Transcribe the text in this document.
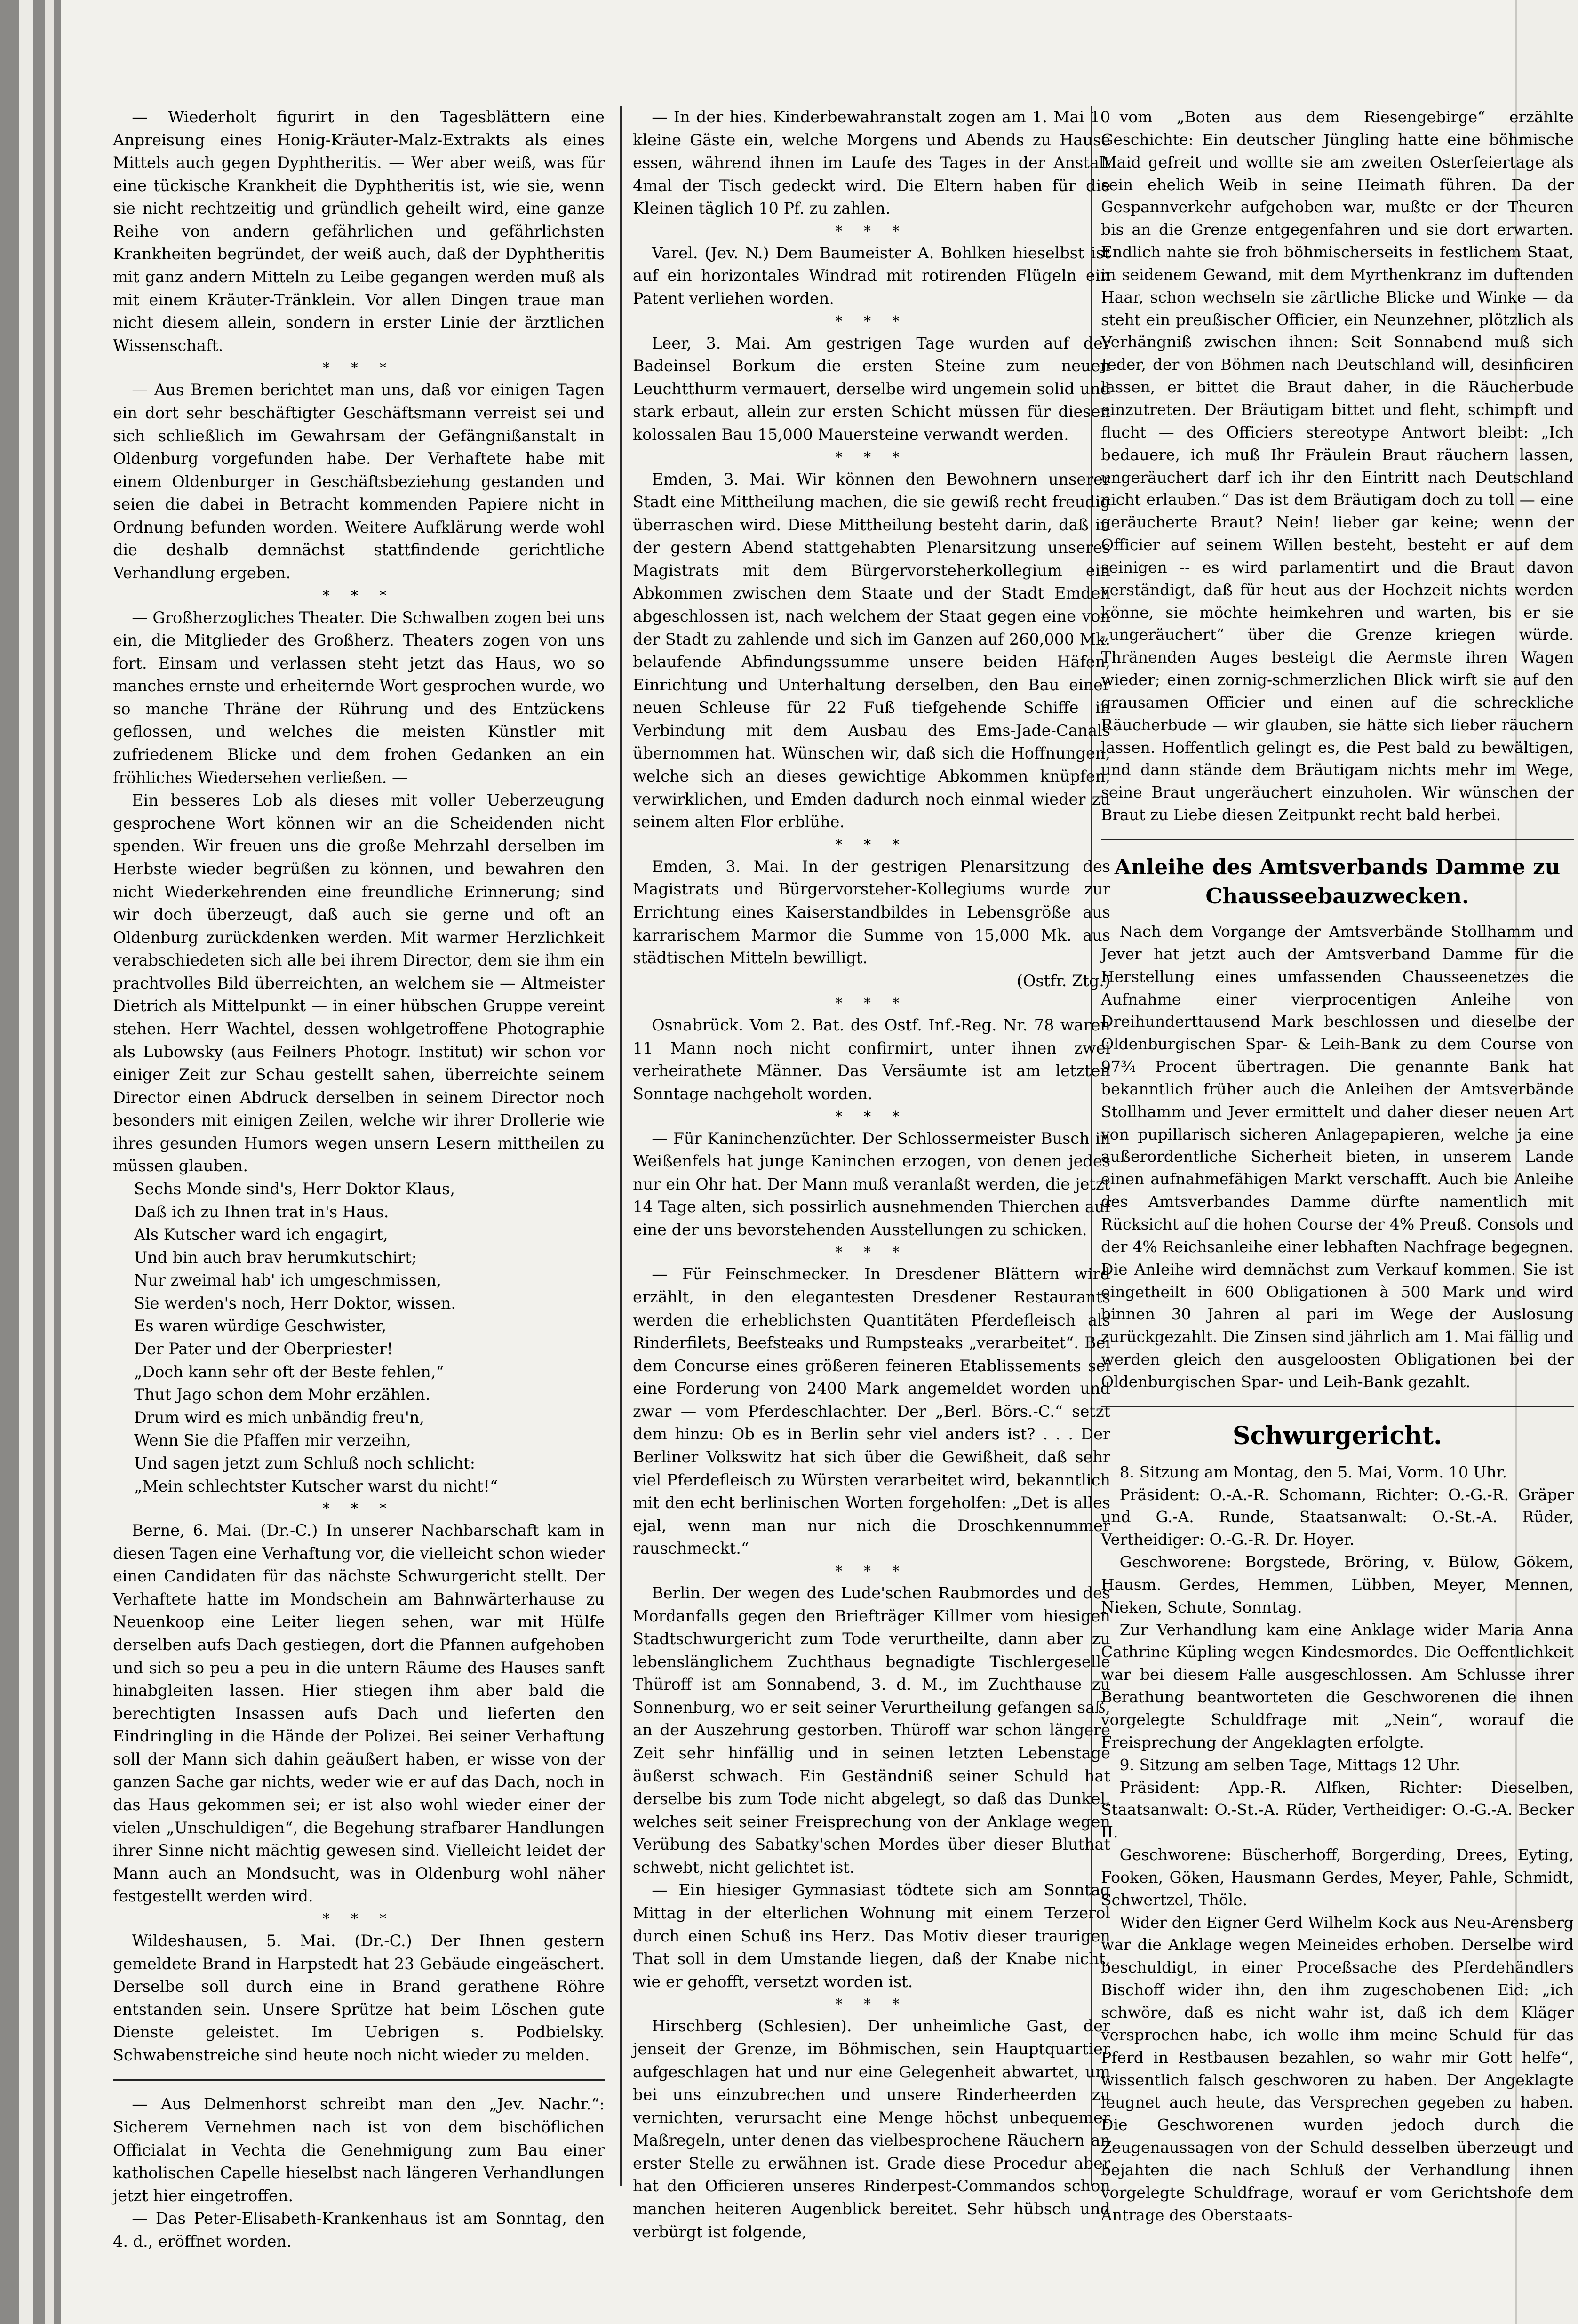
— Wiederholt figurirt in den Tagesblättern eine Anpreisung eines Honig-Kräuter-Malz-Extrakts als eines Mittels auch gegen Dyphtheritis. — Wer aber weiß, was für eine tückische Krankheit die Dyphtheritis ist, wie sie, wenn sie nicht rechtzeitig und gründlich geheilt wird, eine ganze Reihe von andern gefährlichen und gefährlichsten Krankheiten begründet, der weiß auch, daß der Dyphtheritis mit ganz andern Mitteln zu Leibe gegangen werden muß als mit einem Kräuter-Tränklein. Vor allen Dingen traue man nicht diesem allein, sondern in erster Linie der ärztlichen Wissenschaft.

* * *

— Aus Bremen berichtet man uns, daß vor einigen Tagen ein dort sehr beschäftigter Geschäftsmann verreist sei und sich schließlich im Gewahrsam der Gefängnißanstalt in Oldenburg vorgefunden habe. Der Verhaftete habe mit einem Oldenburger in Geschäftsbeziehung gestanden und seien die dabei in Betracht kommenden Papiere nicht in Ordnung befunden worden. Weitere Aufklärung werde wohl die deshalb demnächst stattfindende gerichtliche Verhandlung ergeben.

* * *

— Großherzogliches Theater. Die Schwalben zogen bei uns ein, die Mitglieder des Großherz. Theaters zogen von uns fort. Einsam und verlassen steht jetzt das Haus, wo so manches ernste und erheiternde Wort gesprochen wurde, wo so manche Thräne der Rührung und des Entzückens geflossen, und welches die meisten Künstler mit zufriedenem Blicke und dem frohen Gedanken an ein fröhliches Wiedersehen verließen. —

Ein besseres Lob als dieses mit voller Ueberzeugung gesprochene Wort können wir an die Scheidenden nicht spenden. Wir freuen uns die große Mehrzahl derselben im Herbste wieder begrüßen zu können, und bewahren den nicht Wiederkehrenden eine freundliche Erinnerung; sind wir doch überzeugt, daß auch sie gerne und oft an Oldenburg zurückdenken werden. Mit warmer Herzlichkeit verabschiedeten sich alle bei ihrem Director, dem sie ihm ein prachtvolles Bild überreichten, an welchem sie — Altmeister Dietrich als Mittelpunkt — in einer hübschen Gruppe vereint stehen. Herr Wachtel, dessen wohlgetroffene Photographie als Lubowsky (aus Feilners Photogr. Institut) wir schon vor einiger Zeit zur Schau gestellt sahen, überreichte seinem Director einen Abdruck derselben in seinem Director noch besonders mit einigen Zeilen, welche wir ihrer Drollerie wie ihres gesunden Humors wegen unsern Lesern mittheilen zu müssen glauben.

Sechs Monde sind's, Herr Doktor Klaus,
Daß ich zu Ihnen trat in's Haus.
Als Kutscher ward ich engagirt,
Und bin auch brav herumkutschirt;
Nur zweimal hab' ich umgeschmissen,
Sie werden's noch, Herr Doktor, wissen.
Es waren würdige Geschwister,
Der Pater und der Oberpriester!
„Doch kann sehr oft der Beste fehlen,“
Thut Jago schon dem Mohr erzählen.
Drum wird es mich unbändig freu'n,
Wenn Sie die Pfaffen mir verzeihn,
Und sagen jetzt zum Schluß noch schlicht:
„Mein schlechtster Kutscher warst du nicht!“
* * *

Berne, 6. Mai. (Dr.-C.) In unserer Nachbarschaft kam in diesen Tagen eine Verhaftung vor, die vielleicht schon wieder einen Candidaten für das nächste Schwurgericht stellt. Der Verhaftete hatte im Mondschein am Bahnwärterhause zu Neuenkoop eine Leiter liegen sehen, war mit Hülfe derselben aufs Dach gestiegen, dort die Pfannen aufgehoben und sich so peu a peu in die untern Räume des Hauses sanft hinabgleiten lassen. Hier stiegen ihm aber bald die berechtigten Insassen aufs Dach und lieferten den Eindringling in die Hände der Polizei. Bei seiner Verhaftung soll der Mann sich dahin geäußert haben, er wisse von der ganzen Sache gar nichts, weder wie er auf das Dach, noch in das Haus gekommen sei; er ist also wohl wieder einer der vielen „Unschuldigen“, die Begehung strafbarer Handlungen ihrer Sinne nicht mächtig gewesen sind. Vielleicht leidet der Mann auch an Mondsucht, was in Oldenburg wohl näher festgestellt werden wird.

* * *

Wildeshausen, 5. Mai. (Dr.-C.) Der Ihnen gestern gemeldete Brand in Harpstedt hat 23 Gebäude eingeäschert. Derselbe soll durch eine in Brand gerathene Röhre entstanden sein. Unsere Sprütze hat beim Löschen gute Dienste geleistet. Im Uebrigen s. Podbielsky. Schwabenstreiche sind heute noch nicht wieder zu melden.

— Aus Delmenhorst schreibt man den „Jev. Nachr.“: Sicherem Vernehmen nach ist von dem bischöflichen Officialat in Vechta die Genehmigung zum Bau einer katholischen Capelle hieselbst nach längeren Verhandlungen jetzt hier eingetroffen.

— Das Peter-Elisabeth-Krankenhaus ist am Sonntag, den 4. d., eröffnet worden.

— In der hies. Kinderbewahranstalt zogen am 1. Mai 10 kleine Gäste ein, welche Morgens und Abends zu Hause essen, während ihnen im Laufe des Tages in der Anstalt 4mal der Tisch gedeckt wird. Die Eltern haben für die Kleinen täglich 10 Pf. zu zahlen.

* * *

Varel. (Jev. N.) Dem Baumeister A. Bohlken hieselbst ist auf ein horizontales Windrad mit rotirenden Flügeln ein Patent verliehen worden.

* * *

Leer, 3. Mai. Am gestrigen Tage wurden auf der Badeinsel Borkum die ersten Steine zum neuen Leuchtthurm vermauert, derselbe wird ungemein solid und stark erbaut, allein zur ersten Schicht müssen für diesen kolossalen Bau 15,000 Mauersteine verwandt werden.

* * *

Emden, 3. Mai. Wir können den Bewohnern unserer Stadt eine Mittheilung machen, die sie gewiß recht freudig überraschen wird. Diese Mittheilung besteht darin, daß in der gestern Abend stattgehabten Plenarsitzung unseres Magistrats mit dem Bürgervorsteherkollegium ein Abkommen zwischen dem Staate und der Stadt Emden abgeschlossen ist, nach welchem der Staat gegen eine von der Stadt zu zahlende und sich im Ganzen auf 260,000 Mk. belaufende Abfindungssumme unsere beiden Häfen, Einrichtung und Unterhaltung derselben, den Bau einer neuen Schleuse für 22 Fuß tiefgehende Schiffe in Verbindung mit dem Ausbau des Ems-Jade-Canals übernommen hat. Wünschen wir, daß sich die Hoffnungen, welche sich an dieses gewichtige Abkommen knüpfen, verwirklichen, und Emden dadurch noch einmal wieder zu seinem alten Flor erblühe.

* * *

Emden, 3. Mai. In der gestrigen Plenarsitzung des Magistrats und Bürgervorsteher-Kollegiums wurde zur Errichtung eines Kaiserstandbildes in Lebensgröße aus karrarischem Marmor die Summe von 15,000 Mk. aus städtischen Mitteln bewilligt.

(Ostfr. Ztg.)
* * *

Osnabrück. Vom 2. Bat. des Ostf. Inf.-Reg. Nr. 78 waren 11 Mann noch nicht confirmirt, unter ihnen zwei verheirathete Männer. Das Versäumte ist am letzten Sonntage nachgeholt worden.

* * *

— Für Kaninchenzüchter. Der Schlossermeister Busch in Weißenfels hat junge Kaninchen erzogen, von denen jedes nur ein Ohr hat. Der Mann muß veranlaßt werden, die jetzt 14 Tage alten, sich possirlich ausnehmenden Thierchen auf eine der uns bevorstehenden Ausstellungen zu schicken.

* * *

— Für Feinschmecker. In Dresdener Blättern wird erzählt, in den elegantesten Dresdener Restaurants werden die erheblichsten Quantitäten Pferdefleisch als Rinderfilets, Beefsteaks und Rumpsteaks „verarbeitet“. Bei dem Concurse eines größeren feineren Etablissements sei eine Forderung von 2400 Mark angemeldet worden und zwar — vom Pferdeschlachter. Der „Berl. Börs.-C.“ setzt dem hinzu: Ob es in Berlin sehr viel anders ist? . . . Der Berliner Volkswitz hat sich über die Gewißheit, daß sehr viel Pferdefleisch zu Würsten verarbeitet wird, bekanntlich mit den echt berlinischen Worten forgeholfen: „Det is alles ejal, wenn man nur nich die Droschkennummer rauschmeckt.“

* * *

Berlin. Der wegen des Lude'schen Raubmordes und des Mordanfalls gegen den Briefträger Killmer vom hiesigen Stadtschwurgericht zum Tode verurtheilte, dann aber zu lebenslänglichem Zuchthaus begnadigte Tischlergeselle Thüroff ist am Sonnabend, 3. d. M., im Zuchthause zu Sonnenburg, wo er seit seiner Verurtheilung gefangen saß, an der Auszehrung gestorben. Thüroff war schon längere Zeit sehr hinfällig und in seinen letzten Lebenstage äußerst schwach. Ein Geständniß seiner Schuld hat derselbe bis zum Tode nicht abgelegt, so daß das Dunkel, welches seit seiner Freisprechung von der Anklage wegen Verübung des Sabatky'schen Mordes über dieser Bluthat schwebt, nicht gelichtet ist.

— Ein hiesiger Gymnasiast tödtete sich am Sonntag Mittag in der elterlichen Wohnung mit einem Terzerol durch einen Schuß ins Herz. Das Motiv dieser traurigen That soll in dem Umstande liegen, daß der Knabe nicht, wie er gehofft, versetzt worden ist.

* * *

Hirschberg (Schlesien). Der unheimliche Gast, der jenseit der Grenze, im Böhmischen, sein Hauptquartier aufgeschlagen hat und nur eine Gelegenheit abwartet, um bei uns einzubrechen und unsere Rinderheerden zu vernichten, verursacht eine Menge höchst unbequemer Maßregeln, unter denen das vielbesprochene Räuchern an erster Stelle zu erwähnen ist. Grade diese Procedur aber hat den Officieren unseres Rinderpest-Commandos schon manchen heiteren Augenblick bereitet. Sehr hübsch und verbürgt ist folgende,

vom „Boten aus dem Riesengebirge“ erzählte Geschichte: Ein deutscher Jüngling hatte eine böhmische Maid gefreit und wollte sie am zweiten Osterfeiertage als sein ehelich Weib in seine Heimath führen. Da der Gespannverkehr aufgehoben war, mußte er der Theuren bis an die Grenze entgegenfahren und sie dort erwarten. Endlich nahte sie froh böhmischerseits in festlichem Staat, in seidenem Gewand, mit dem Myrthenkranz im duftenden Haar, schon wechseln sie zärtliche Blicke und Winke — da steht ein preußischer Officier, ein Neunzehner, plötzlich als Verhängniß zwischen ihnen: Seit Sonnabend muß sich Jeder, der von Böhmen nach Deutschland will, desinficiren lassen, er bittet die Braut daher, in die Räucherbude einzutreten. Der Bräutigam bittet und fleht, schimpft und flucht — des Officiers stereotype Antwort bleibt: „Ich bedauere, ich muß Ihr Fräulein Braut räuchern lassen, ungeräuchert darf ich ihr den Eintritt nach Deutschland nicht erlauben.“ Das ist dem Bräutigam doch zu toll — eine geräucherte Braut? Nein! lieber gar keine; wenn der Officier auf seinem Willen besteht, besteht er auf dem seinigen -- es wird parlamentirt und die Braut davon verständigt, daß für heut aus der Hochzeit nichts werden könne, sie möchte heimkehren und warten, bis er sie „ungeräuchert“ über die Grenze kriegen würde. Thränenden Auges besteigt die Aermste ihren Wagen wieder; einen zornig-schmerzlichen Blick wirft sie auf den grausamen Officier und einen auf die schreckliche Räucherbude — wir glauben, sie hätte sich lieber räuchern lassen. Hoffentlich gelingt es, die Pest bald zu bewältigen, und dann stände dem Bräutigam nichts mehr im Wege, seine Braut ungeräuchert einzuholen. Wir wünschen der Braut zu Liebe diesen Zeitpunkt recht bald herbei.

Anleihe des Amtsverbands Damme zu Chausseebauzwecken.

Nach dem Vorgange der Amtsverbände Stollhamm und Jever hat jetzt auch der Amtsverband Damme für die Herstellung eines umfassenden Chausseenetzes die Aufnahme einer vierprocentigen Anleihe von Dreihunderttausend Mark beschlossen und dieselbe der Oldenburgischen Spar- & Leih-Bank zu dem Course von 97¾ Procent übertragen. Die genannte Bank hat bekanntlich früher auch die Anleihen der Amtsverbände Stollhamm und Jever ermittelt und daher dieser neuen Art von pupillarisch sicheren Anlagepapieren, welche ja eine außerordentliche Sicherheit bieten, in unserem Lande einen aufnahmefähigen Markt verschafft. Auch bie Anleihe des Amtsverbandes Damme dürfte namentlich mit Rücksicht auf die hohen Course der 4% Preuß. Consols und der 4% Reichsanleihe einer lebhaften Nachfrage begegnen. Die Anleihe wird demnächst zum Verkauf kommen. Sie ist eingetheilt in 600 Obligationen à 500 Mark und wird binnen 30 Jahren al pari im Wege der Auslosung zurückgezahlt. Die Zinsen sind jährlich am 1. Mai fällig und werden gleich den ausgeloosten Obligationen bei der Oldenburgischen Spar- und Leih-Bank gezahlt.

Schwurgericht.

8. Sitzung am Montag, den 5. Mai, Vorm. 10 Uhr.

Präsident: O.-A.-R. Schomann, Richter: O.-G.-R. Gräper und G.-A. Runde, Staatsanwalt: O.-St.-A. Rüder, Vertheidiger: O.-G.-R. Dr. Hoyer.

Geschworene: Borgstede, Bröring, v. Bülow, Gökem, Hausm. Gerdes, Hemmen, Lübben, Meyer, Mennen, Nieken, Schute, Sonntag.

Zur Verhandlung kam eine Anklage wider Maria Anna Cathrine Küpling wegen Kindesmordes. Die Oeffentlichkeit war bei diesem Falle ausgeschlossen. Am Schlusse ihrer Berathung beantworteten die Geschworenen die ihnen vorgelegte Schuldfrage mit „Nein“, worauf die Freisprechung der Angeklagten erfolgte.

9. Sitzung am selben Tage, Mittags 12 Uhr.

Präsident: App.-R. Alfken, Richter: Dieselben, Staatsanwalt: O.-St.-A. Rüder, Vertheidiger: O.-G.-A. Becker II.

Geschworene: Büscherhoff, Borgerding, Drees, Eyting, Fooken, Göken, Hausmann Gerdes, Meyer, Pahle, Schmidt, Schwertzel, Thöle.

Wider den Eigner Gerd Wilhelm Kock aus Neu-Arensberg war die Anklage wegen Meineides erhoben. Derselbe wird beschuldigt, in einer Proceßsache des Pferdehändlers Bischoff wider ihn, den ihm zugeschobenen Eid: „ich schwöre, daß es nicht wahr ist, daß ich dem Kläger versprochen habe, ich wolle ihm meine Schuld für das Pferd in Restbausen bezahlen, so wahr mir Gott helfe“, wissentlich falsch geschworen zu haben. Der Angeklagte leugnet auch heute, das Versprechen gegeben zu haben. Die Geschworenen wurden jedoch durch die Zeugenaussagen von der Schuld desselben überzeugt und bejahten die nach Schluß der Verhandlung ihnen vorgelegte Schuldfrage, worauf er vom Gerichtshofe dem Antrage des Oberstaats-
